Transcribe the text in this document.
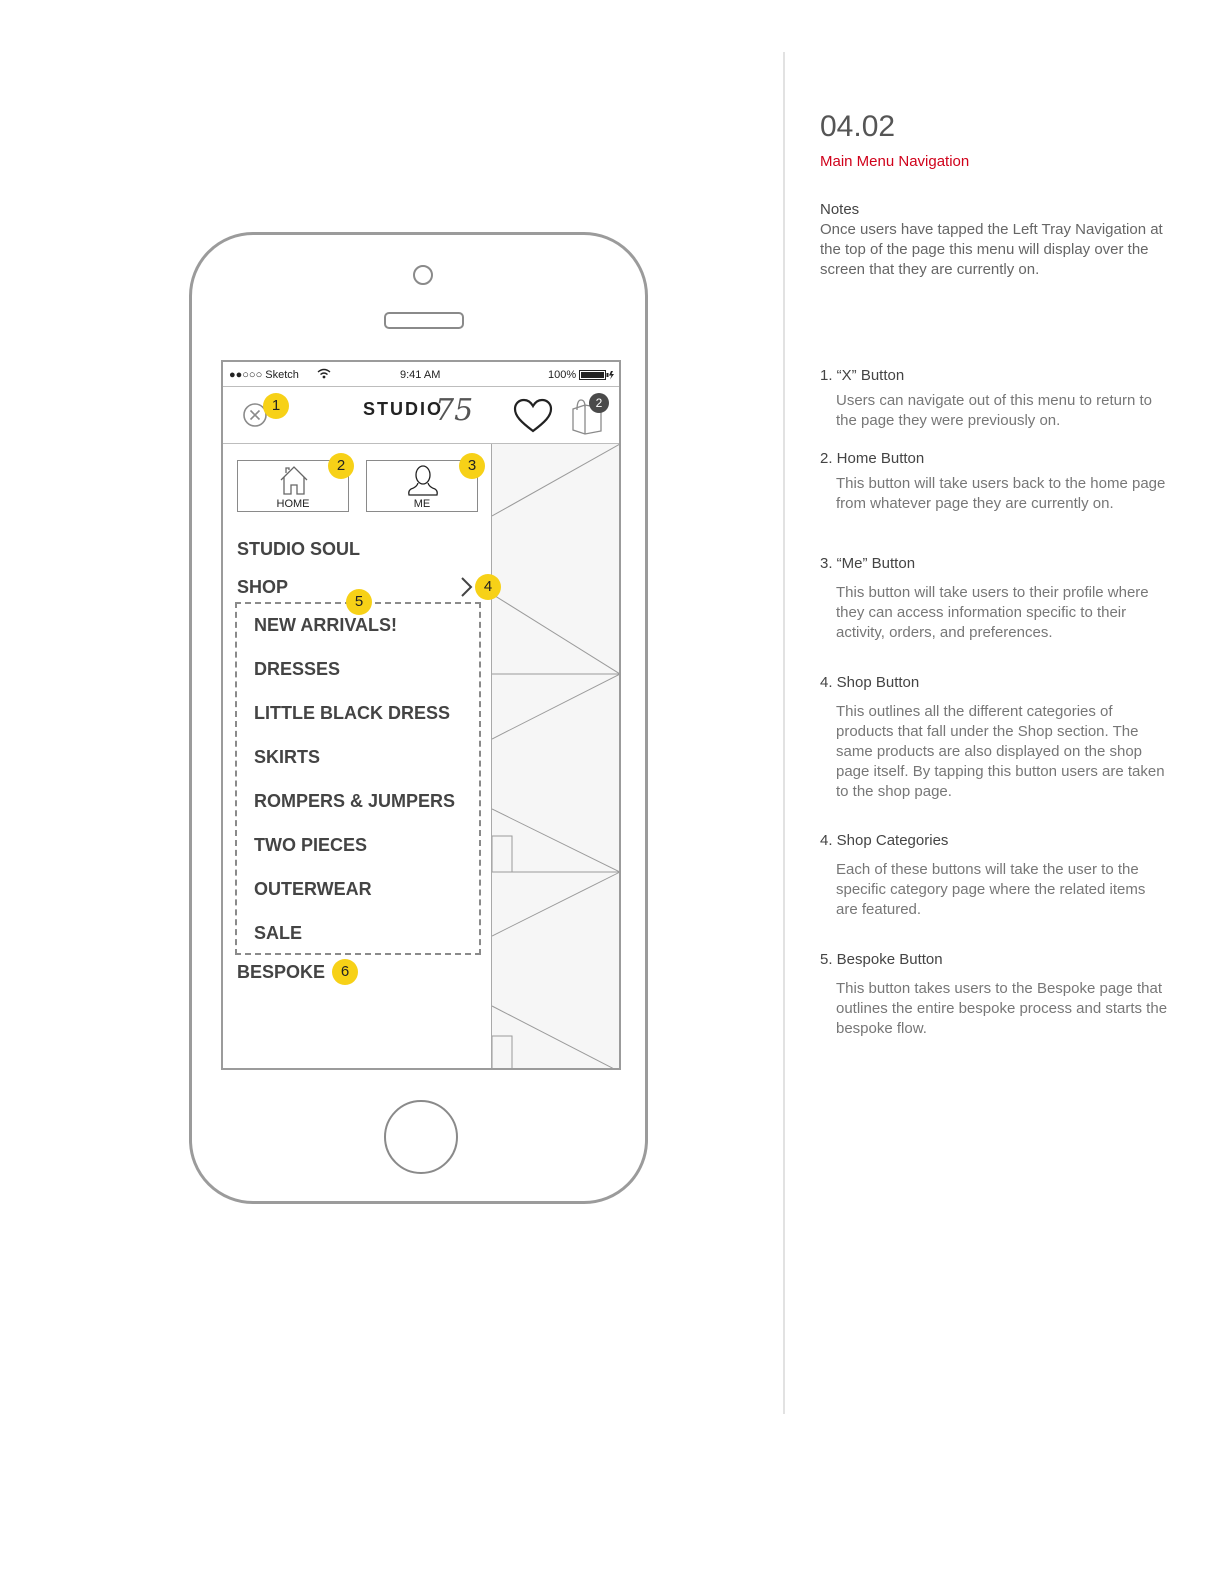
●●○○○ Sketch	9:41 AM	100%
STUDIO
75	2
1
HOME	ME
2	3
STUDIO SOUL
SHOP	4
5
NEW ARRIVALS!
DRESSES
LITTLE BLACK DRESS
SKIRTS
ROMPERS & JUMPERS
TWO PIECES
OUTERWEAR
SALE
BESPOKE	6
04.02
Main Menu Navigation
Notes
Once users have tapped the Left Tray Navigation at the top of the page this menu will display over the screen that they are currently on.
1. “X” Button
Users can navigate out of this menu to return to the page they were previously on.
2. Home Button
This button will take users back to the home page from whatever page they are currently on.
3. “Me” Button
This button will take users to their profile where they can access information specific to their activity, orders, and preferences.
4. Shop Button
This outlines all the different categories of products that fall under the Shop section. The same products are also displayed on the shop page itself. By tapping this button users are taken to the shop page.
4. Shop Categories
Each of these buttons will take the user to the specific category page where the related items are featured.
5. Bespoke Button
This button takes users to the Bespoke page that outlines the entire bespoke process and starts the bespoke flow.
